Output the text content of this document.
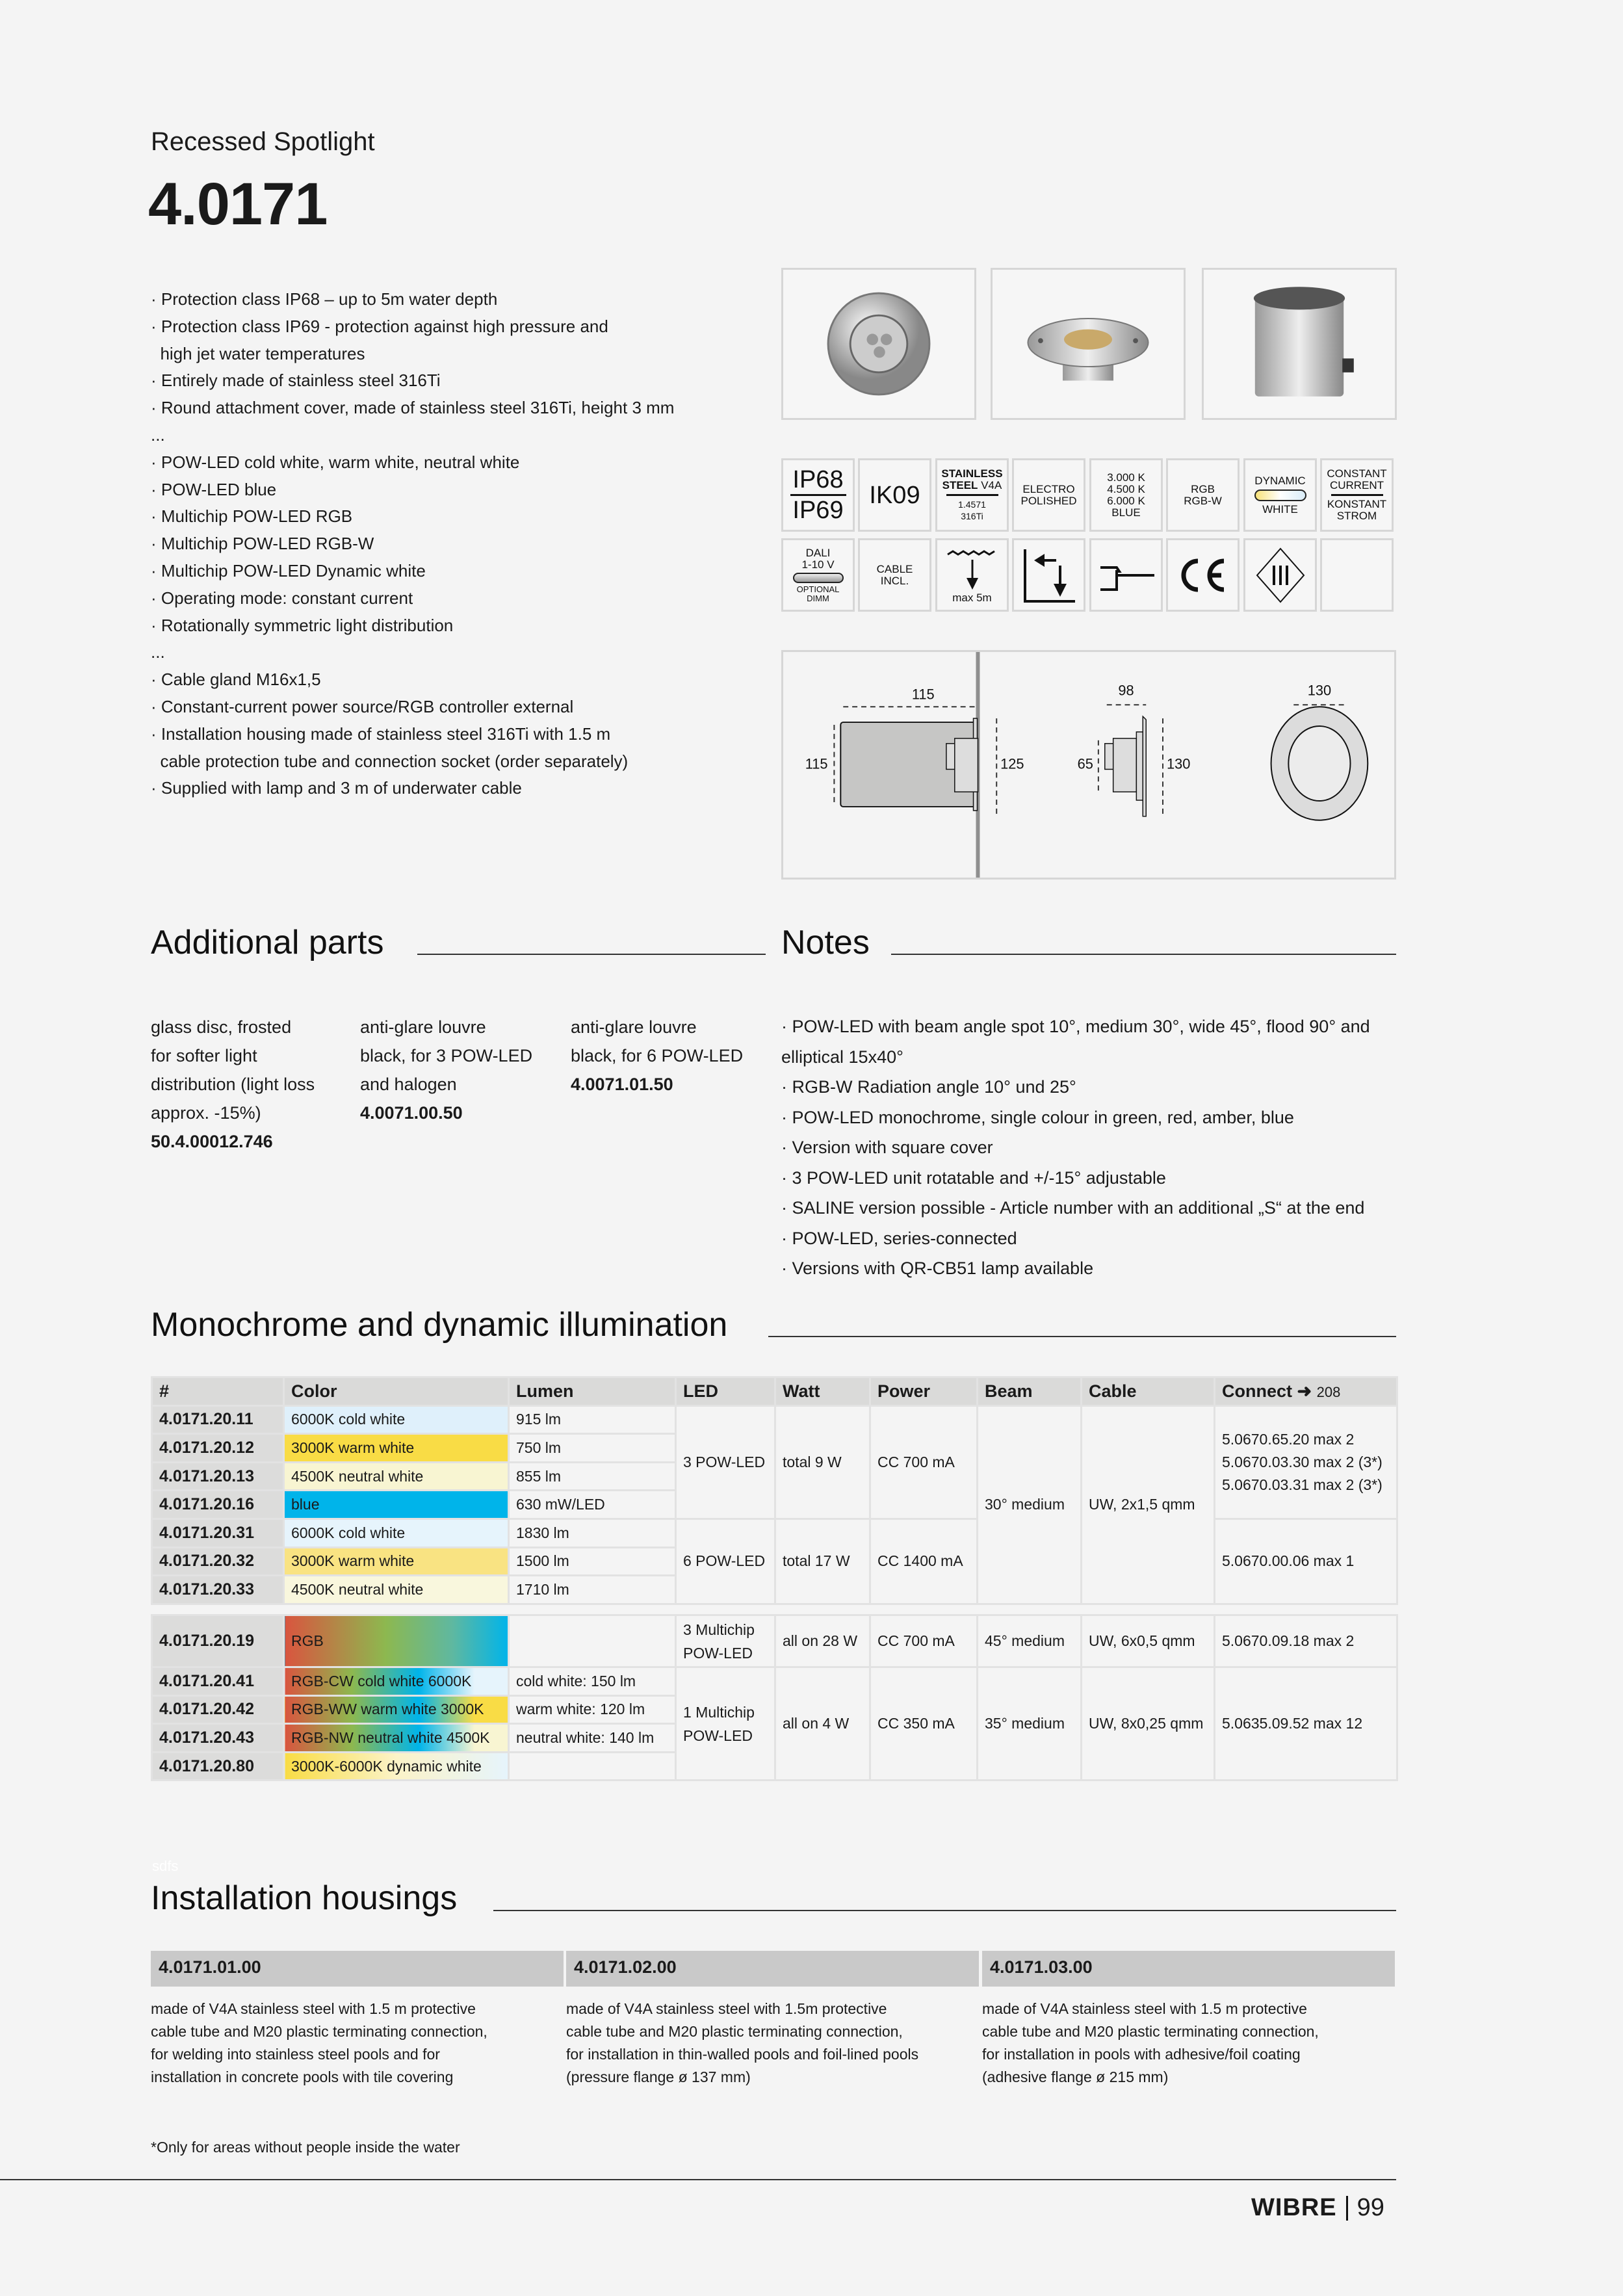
Recessed Spotlight
4.0171
· Protection class IP68 – up to 5m water depth
· Protection class IP69 - protection against high pressure and
high jet water temperatures
· Entirely made of stainless steel 316Ti
· Round attachment cover, made of stainless steel 316Ti, height 3 mm
...
· POW-LED cold white, warm white, neutral white
· POW-LED blue
· Multichip POW-LED RGB
· Multichip POW-LED RGB-W
· Multichip POW-LED Dynamic white
· Operating mode: constant current
· Rotationally symmetric light distribution
...
· Cable gland M16x1,5
· Constant-current power source/RGB controller external
· Installation housing made of stainless steel 316Ti with 1.5 m
cable protection tube and connection socket (order separately)
· Supplied with lamp and 3 m of underwater cable
IP68
IP69
IK09
STAINLESS
STEEL V4A
1.4571
316Ti
ELECTRO
POLISHED
3.000 K
4.500 K
6.000 K
BLUE
RGB
RGB-W
DYNAMIC
WHITE
CONSTANT
CURRENT
KONSTANT
STROM
DALI
1-10 V
OPTIONAL
DIMM
CABLE
INCL.
max 5m
115
115	125
98
65	130
130
Additional parts	Notes
glass disc, frosted
for softer light
distribution (light loss
approx. -15%)
50.4.00012.746
anti-glare louvre
black, for 3 POW-LED
and halogen
4.0071.00.50
anti-glare louvre
black, for 6 POW-LED
4.0071.01.50
· POW-LED with beam angle spot 10°, medium 30°, wide 45°, flood 90° and
elliptical 15x40°
· RGB-W Radiation angle 10° und 25°
· POW-LED monochrome, single colour in green, red, amber, blue
· Version with square cover
· 3 POW-LED unit rotatable and +/-15° adjustable
· SALINE version possible - Article number with an additional „S“ at the end
· POW-LED, series-connected
· Versions with QR-CB51 lamp available
Monochrome and dynamic illumination
#	Color	Lumen	LED	Watt	Power	Beam	Cable	Connect ➜ 208
4.0171.20.11	6000K cold white	915 lm	3 POW-LED	total 9 W	CC 700 mA	30° medium	UW, 2x1,5 qmm	5.0670.65.20 max 2
5.0670.03.30 max 2 (3*)
5.0670.03.31 max 2 (3*)

4.0171.20.12	3000K warm white	750 lm						
4.0171.20.13	4500K neutral white	855 lm						
4.0171.20.16	blue	630 mW/LED						
4.0171.20.31	6000K cold white	1830 lm	6 POW-LED	total 17 W	CC 1400 mA			5.0670.00.06 max 1
4.0171.20.32	3000K warm white	1500 lm						
4.0171.20.33	4500K neutral white	1710 lm						
4.0171.20.19	RGB		3 Multichip POW-LED	all on 28 W	CC 700 mA	45° medium	UW, 6x0,5 qmm	5.0670.09.18 max 2
4.0171.20.41	RGB-CW cold white 6000K	cold white: 150 lm	1 Multichip POW-LED	all on 4 W	CC 350 mA	35° medium	UW, 8x0,25 qmm	5.0635.09.52 max 12
4.0171.20.42	RGB-WW warm white 3000K	warm white: 120 lm						
4.0171.20.43	RGB-NW neutral white 4500K	neutral white: 140 lm						
4.0171.20.80	3000K-6000K dynamic white							
sdfs
Installation housings
4.0171.01.00
made of V4A stainless steel with 1.5 m protective
cable tube and M20 plastic terminating connection,
for welding into stainless steel pools and for
installation in concrete pools with tile covering
4.0171.02.00
made of V4A stainless steel with 1.5m protective
cable tube and M20 plastic terminating connection,
for installation in thin-walled pools and foil-lined pools
(pressure flange ø 137 mm)
4.0171.03.00
made of V4A stainless steel with 1.5 m protective
cable tube and M20 plastic terminating connection,
for installation in pools with adhesive/foil coating
(adhesive flange ø 215 mm)
*Only for areas without people inside the water
WIBRE 99
